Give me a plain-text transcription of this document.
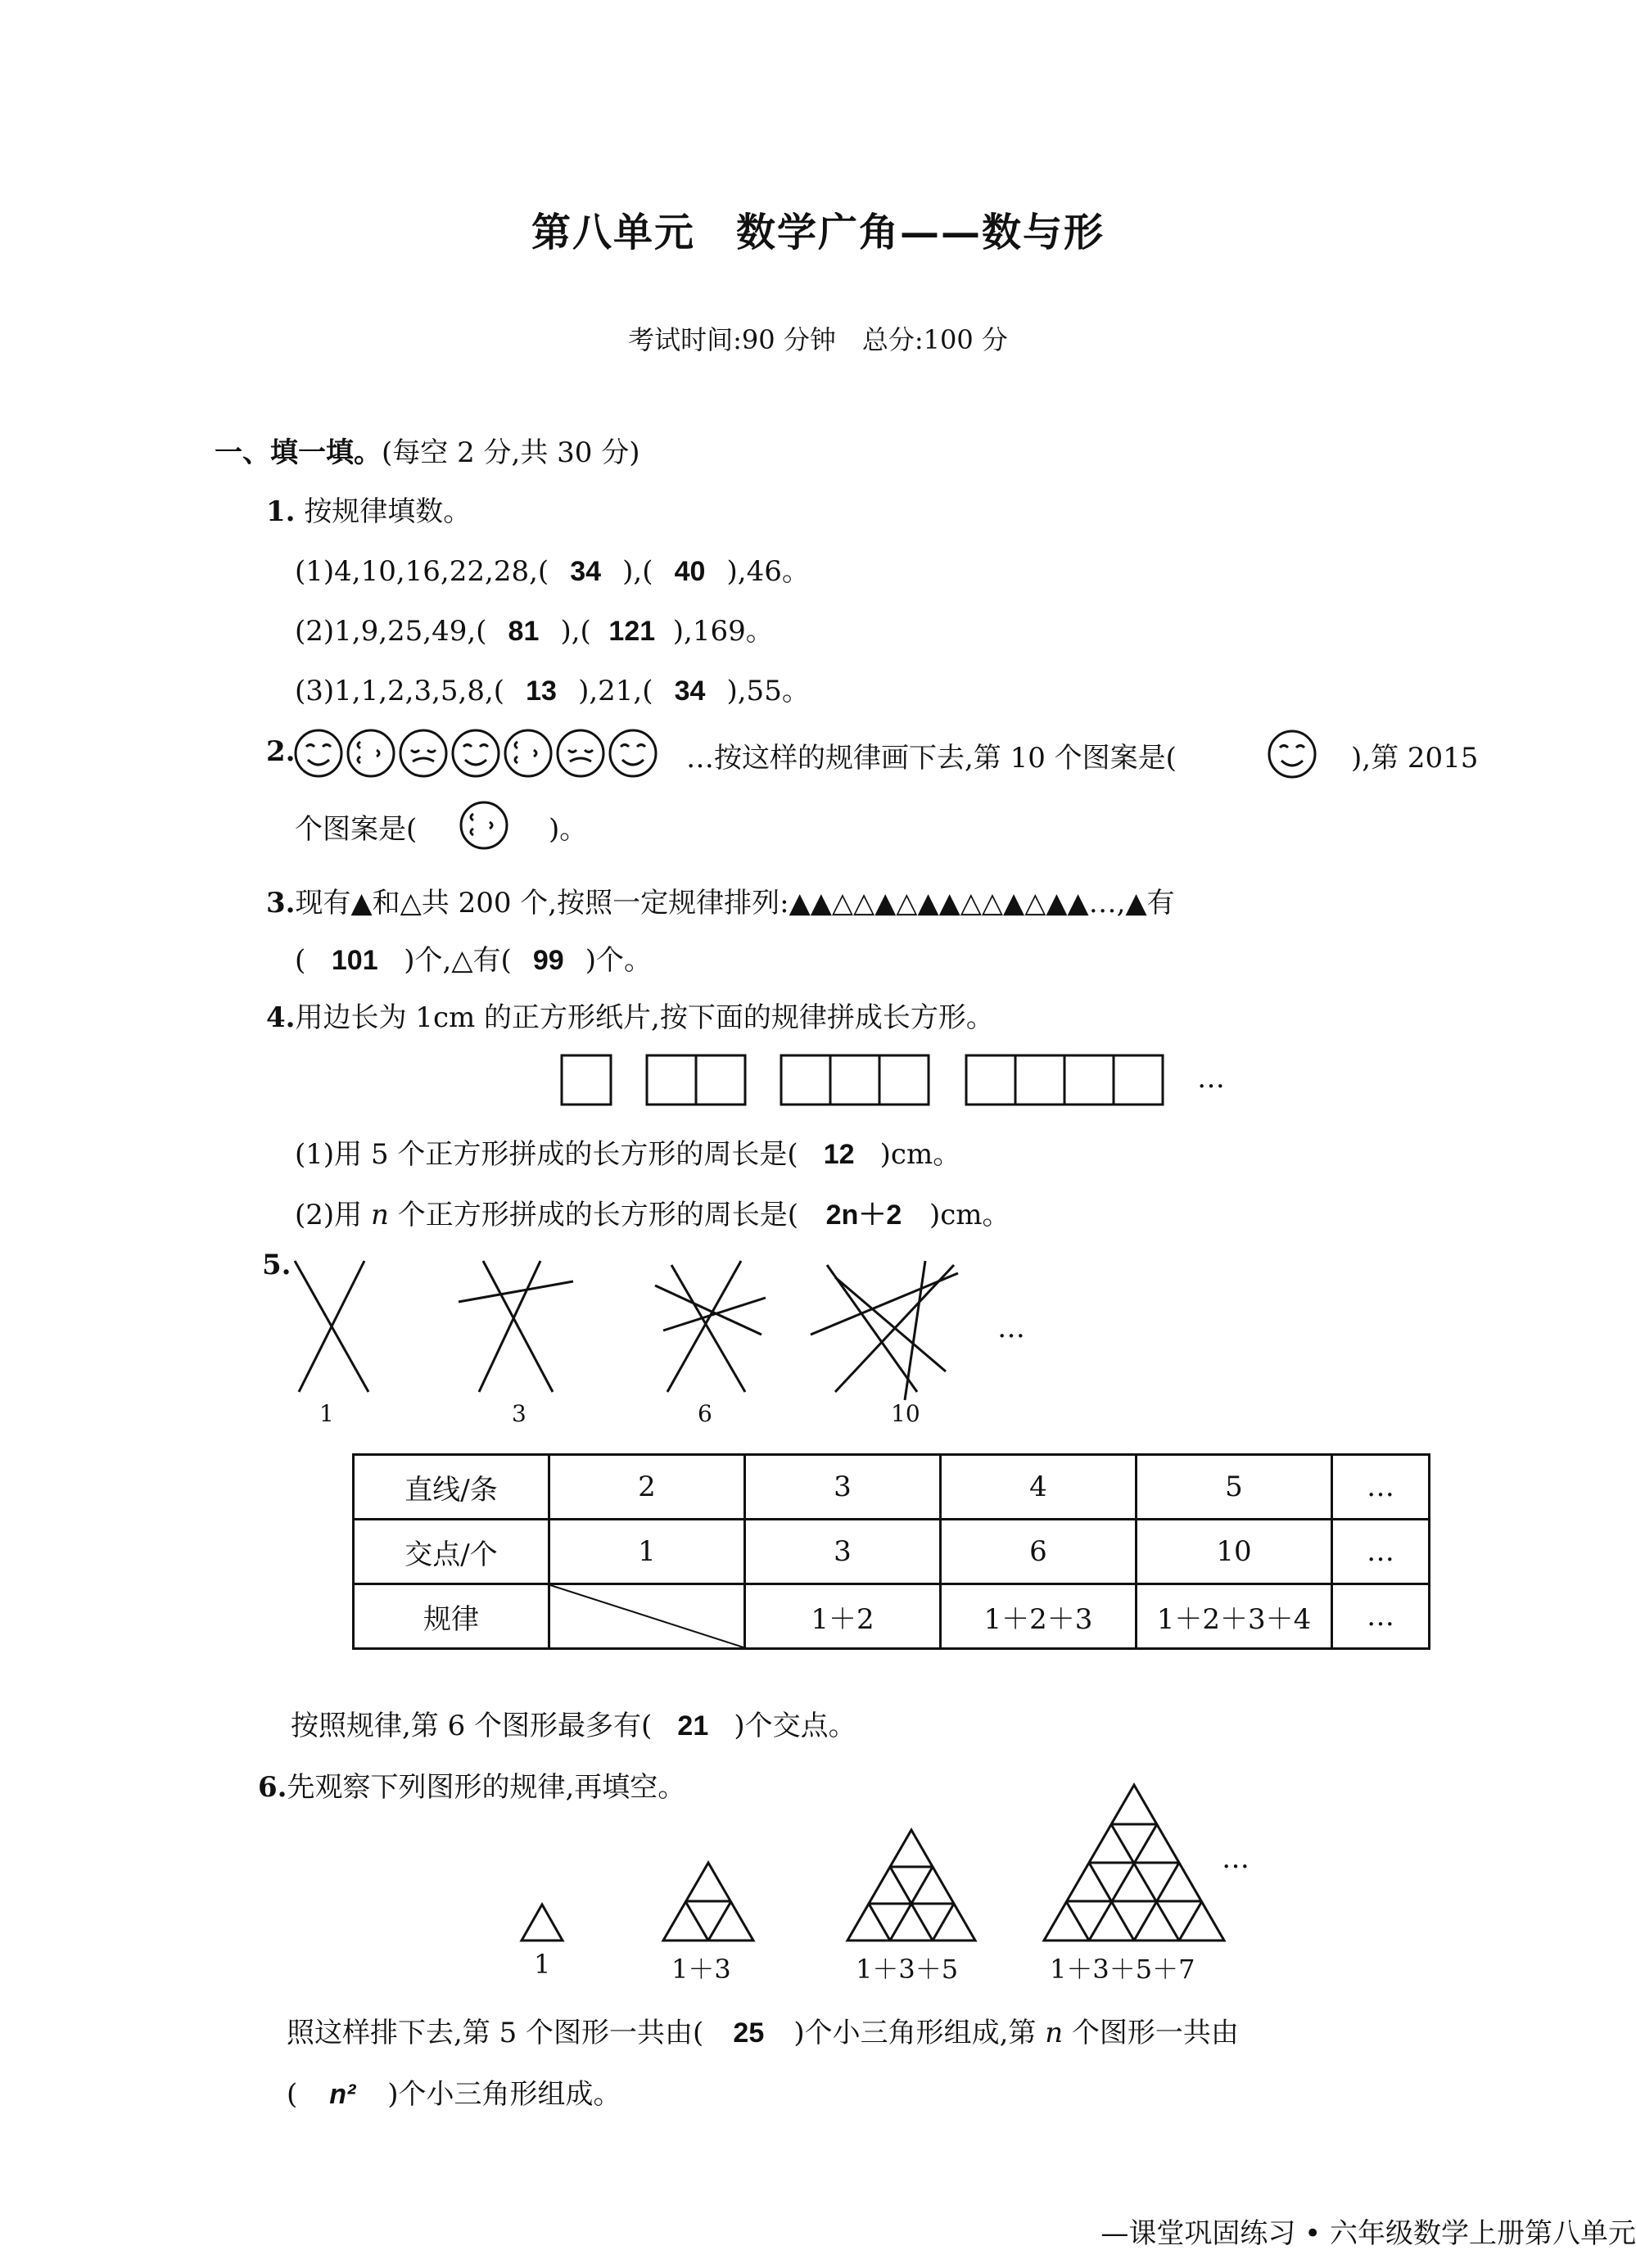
第八单元　数学广角——数与形
考试时间:90 分钟　总分:100 分
一、填一填。(每空 2 分,共 30 分)
1. 按规律填数。
(1)4,10,16,22,28,( 34 ),( 40 ),46。
(2)1,9,25,49,( 81 ),( 121 ),169。
(3)1,1,2,3,5,8,( 13 ),21,( 34 ),55。
2.	…按这样的规律画下去,第 10 个图案是(	),第 2015
个图案是(	)。
3.现有▲和△共 200 个,按照一定规律排列:▲▲△△▲△▲▲△△▲△▲▲…,▲有
( 101 )个,△有( 99 )个。
4.用边长为 1cm 的正方形纸片,按下面的规律拼成长方形。
…
(1)用 5 个正方形拼成的长方形的周长是( 12 )cm。
(2)用 n 个正方形拼成的长方形的周长是( 2n＋2 )cm。
5.
1	3	6	10
…
直线/条	2	3	4	5	…
交点/个	1	3	6	10	…
规律		1＋2	1＋2＋3	1＋2＋3＋4	…
按照规律,第 6 个图形最多有( 21 )个交点。
6.先观察下列图形的规律,再填空。
…
1	1＋3	1＋3＋5	1＋3＋5＋7
照这样排下去,第 5 个图形一共由( 25 )个小三角形组成,第 n 个图形一共由
( n² )个小三角形组成。
—课堂巩固练习 • 六年级数学上册第八单元
